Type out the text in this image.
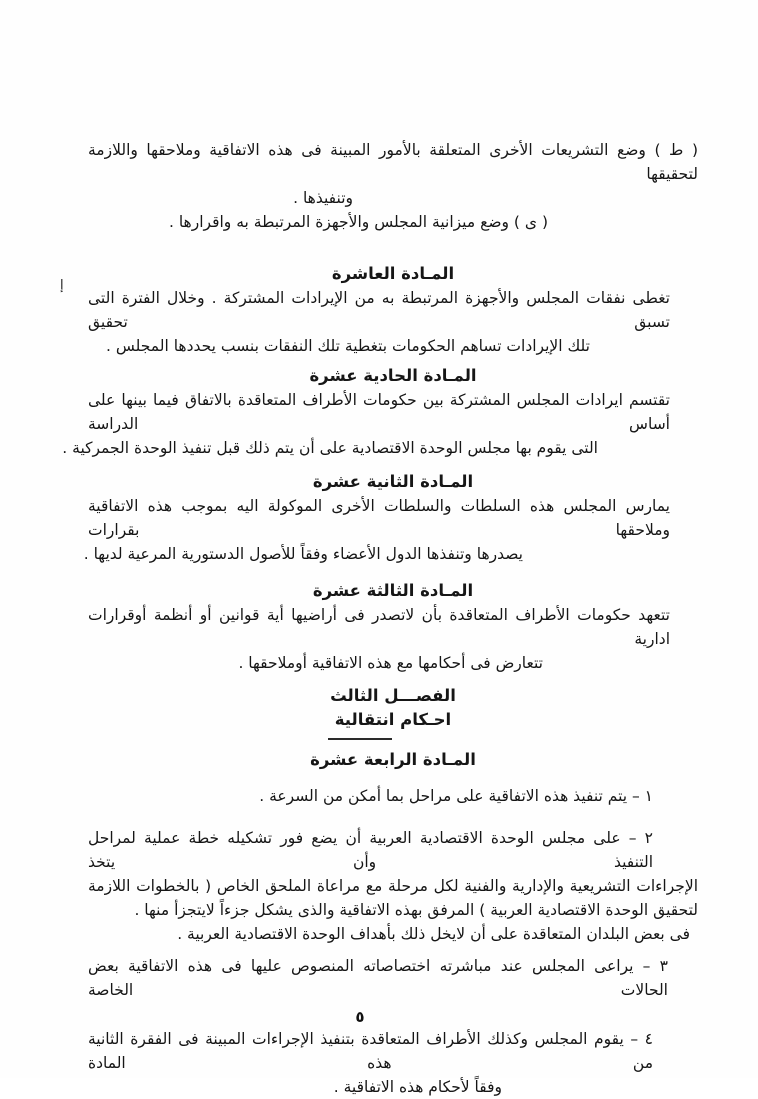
( ط ) وضع التشريعات الأخرى المتعلقة بالأمور المبينة فى هذه الاتفاقية وملاحقها واللازمة لتحقيقها
وتنفيذها .
( ى ) وضع ميزانية المجلس والأجهزة المرتبطة به واقرارها .
المـادة العاشرة
تغطى نفقات المجلس والأجهزة المرتبطة به من الإيرادات المشتركة . وخلال الفترة التى تسبق تحقيق
تلك الإيرادات تساهم الحكومات بتغطية تلك النفقات بنسب يحددها المجلس .
المـادة الحادية عشرة
تقتسم ايرادات المجلس المشتركة بين حكومات الأطراف المتعاقدة بالاتفاق فيما بينها على أساس الدراسة
التى يقوم بها مجلس الوحدة الاقتصادية على أن يتم ذلك قبل تنفيذ الوحدة الجمركية .
المـادة الثانية عشرة
يمارس المجلس هذه السلطات والسلطات الأخرى الموكولة اليه بموجب هذه الاتفاقية وملاحقها بقرارات
يصدرها وتنفذها الدول الأعضاء وفقاً للأصول الدستورية المرعية لديها .
المـادة الثالثة عشرة
تتعهد حكومات الأطراف المتعاقدة بأن لاتصدر فى أراضيها أية قوانين أو أنظمة أوقرارات ادارية
تتعارض فى أحكامها مع هذه الاتفاقية أوملاحقها .
الفصـــل الثالث
احـكام انتقالية
المـادة الرابعة عشرة
١ – يتم تنفيذ هذه الاتفاقية على مراحل بما أمكن من السرعة .
٢ – على مجلس الوحدة الاقتصادية العربية أن يضع فور تشكيله خطة عملية لمراحل التنفيذ وأن يتخذ
الإجراءات التشريعية والإدارية والفنية لكل مرحلة مع مراعاة الملحق الخاص ( بالخطوات اللازمة
لتحقيق الوحدة الاقتصادية العربية ) المرفق بهذه الاتفاقية والذى يشكل جزءاً لايتجزأ منها .
فى بعض البلدان المتعاقدة على أن لايخل ذلك بأهداف الوحدة الاقتصادية العربية .
٣ – يراعى المجلس عند مباشرته اختصاصاته المنصوص عليها فى هذه الاتفاقية بعض الحالات الخاصة
٤ – يقوم المجلس وكذلك الأطراف المتعاقدة بتنفيذ الإجراءات المبينة فى الفقرة الثانية من هذه المادة
وفقاً لأحكام هذه الاتفاقية .
إ
٥
